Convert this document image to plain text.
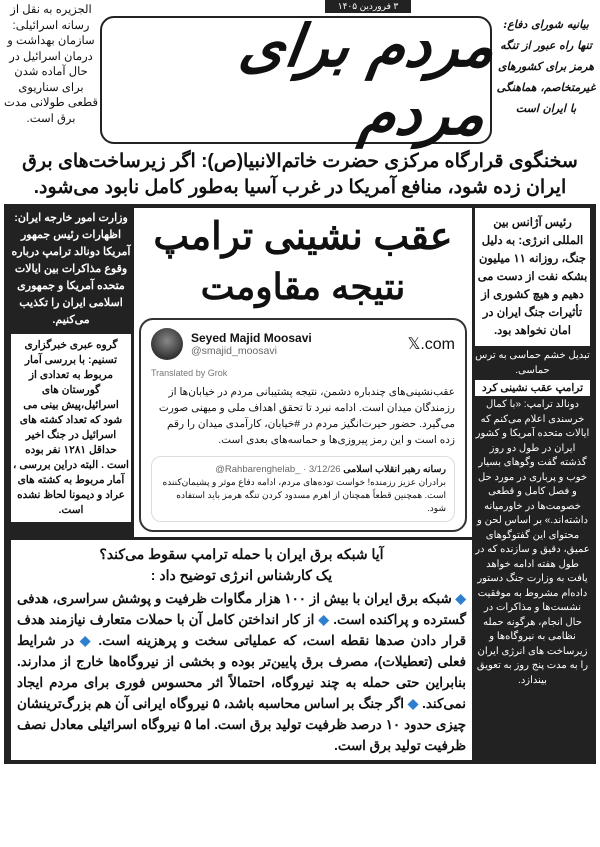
۳ فروردین ۱۴۰۵
الجزیره به نقل از رسانه اسرائیلی: سازمان بهداشت و درمان اسرائیل در حال آماده شدن برای سناریوی قطعی طولانی مدت برق است.
مردم برای مردم
بیانیه شورای دفاع: تنها راه عبور از تنگه هرمز برای کشورهای غیرمتخاصم، هماهنگی با ایران است
سخنگوی قرارگاه مرکزی حضرت خاتم‌الانبیا(ص): اگر زیرساخت‌های برق ایران زده شود، منافع آمریکا در غرب آسیا به‌طور کامل نابود می‌شود.
رئیس آژانس بین المللی انرژی: به دلیل جنگ، روزانه ۱۱ میلیون بشکه نفت از دست می دهیم و هیچ کشوری از تأثیرات جنگ ایران در امان نخواهد بود.
تبدیل خشم حماسی به ترس حماسی.
ترامپ عقب نشینی کرد
دونالد ترامپ: «با کمال خرسندی اعلام می‌کنم که ایالات متحده آمریکا و کشور ایران در طول دو روز گذشته گفت وگوهای بسیار خوب و پرباری در مورد حل و فصل کامل و قطعی خصومت‌ها در خاورمیانه داشته‌اند.» بر اساس لحن و محتوای این گفتوگوهای عمیق، دقیق و سازنده که در طول هفته ادامه خواهد یافت به وزارت جنگ دستور داده‌ام مشروط به موفقیت نشست‌ها و مذاکرات در حال انجام، هرگونه حمله نظامی به نیروگاه‌ها و زیرساخت های انرژی ایران را به مدت پنج روز به تعویق بیندازد.
عقب نشینی ترامپ
نتیجه مقاومت
Seyed Majid Moosavi
@smajid_moosavi	𝕏.com
Translated by Grok
عقب‌نشینی‌های چندباره دشمن، نتیجه پشتیبانی مردم در خیابان‌ها از رزمندگان میدان است. ادامه نبرد تا تحقق اهداف ملی و میهنی صورت می‌گیرد. حضور حیرت‌انگیز مردم در #خیابان، کارآمدی میدان را رقم زده است و این رمز پیروزی‌ها و حماسه‌های بعدی است.
رسانه رهبر انقلاب اسلامی @Rahbarenghelab_ · 3/12/26
برادران عزیز رزمنده! خواست توده‌های مردم، ادامه دفاع موثر و پشیمان‌کننده است. همچنین قطعاً همچنان از اهرم مسدود کردن تنگه هرمز باید استفاده شود.
وزارت امور خارجه ایران: اظهارات رئیس جمهور آمریکا دونالد ترامپ درباره وقوع مذاکرات بین ایالات متحده آمریکا و جمهوری اسلامی ایران را تکذیب می‌کنیم.
گروه عبری خبرگزاری تسنیم: با بررسی آمار مربوط به تعدادی از گورستان های اسرائیل،پیش بینی می شود که تعداد کشته های اسرائیل در جنگ اخیر حداقل ۱۲۸۱ نفر بوده است . البته دراین بررسی ، آمار مربوط به کشته های عراد و دیمونا لحاظ نشده است.
آیا شبکه برق ایران با حمله ترامپ سقوط می‌کند؟
یک کارشناس انرژی توضیح داد :
◆ شبکه برق ایران با بیش از ۱۰۰ هزار مگاوات ظرفیت و پوشش سراسری، هدفی گسترده و پراکنده است. ◆ از کار انداختن کامل آن با حملات متعارف نیازمند هدف قرار دادن صدها نقطه است، که عملیاتی سخت و پرهزینه است. ◆ در شرایط فعلی (تعطیلات)، مصرف برق پایین‌تر بوده و بخشی از نیروگاه‌ها خارج از مدارند. بنابراین حتی حمله به چند نیروگاه، احتمالاً اثر محسوس فوری برای مردم ایجاد نمی‌کند. ◆ اگر جنگ بر اساس محاسبه باشد، ۵ نیروگاه ایرانی آن هم بزرگ‌ترینشان چیزی حدود ۱۰ درصد ظرفیت تولید برق است. اما ۵ نیروگاه اسرائیلی معادل نصف ظرفیت تولید برق است.
